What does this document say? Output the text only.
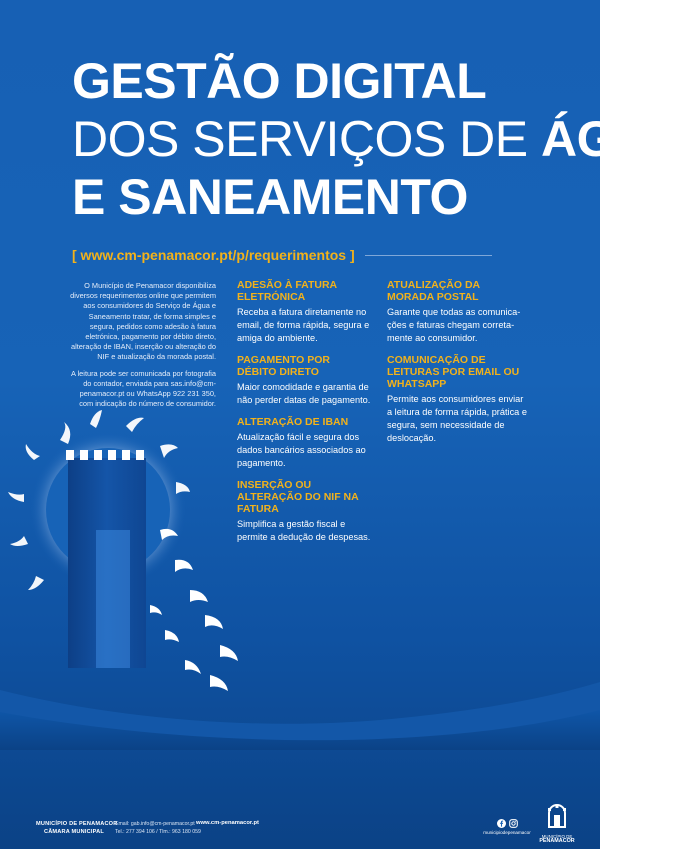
GESTÃO DIGITAL
DOS SERVIÇOS DE ÁGUA
E SANEAMENTO
[ www.cm-penamacor.pt/p/requerimentos ]

O Município de Penamacor disponibiliza diversos requerimentos online que permitem aos consumidores do Serviço de Água e Saneamento tratar, de forma simples e segura, pedidos como adesão à fatura eletrónica, pagamento por débito direto, alteração de IBAN, inserção ou alteração do NIF e atualização da morada postal.

A leitura pode ser comunicada por fotografia do contador, enviada para sas.info@cm-penamacor.pt ou WhatsApp 922 231 350, com indicação do número de consumidor.

ADESÃO À FATURA ELETRÓNICA

Receba a fatura diretamente no email, de forma rápida, segura e amiga do ambiente.

PAGAMENTO POR DÉBITO DIRETO

Maior comodidade e garantia de não perder datas de pagamento.

ALTERAÇÃO DE IBAN

Atualização fácil e segura dos dados bancários associados ao pagamento.

INSERÇÃO OU ALTERAÇÃO DO NIF NA FATURA

Simplifica a gestão fiscal e permite a dedução de despesas.

ATUALIZAÇÃO DA MORADA POSTAL

Garante que todas as comunica-ções e faturas chegam correta-mente ao consumidor.

COMUNICAÇÃO DE LEITURAS POR EMAIL OU WHATSAPP

Permite aos consumidores enviar a leitura de forma rápida, prática e segura, sem necessidade de deslocação.

MUNICÍPIO DE PENAMACOR
CÂMARA MUNICIPAL
Email: gab.info@cm-penamacor.pt
Tel.: 277 394 106 / Tlm.: 963 180 059
www.cm-penamacor.pt
municipiodepenamacor
MUNICÍPIO DE
PENAMACOR
